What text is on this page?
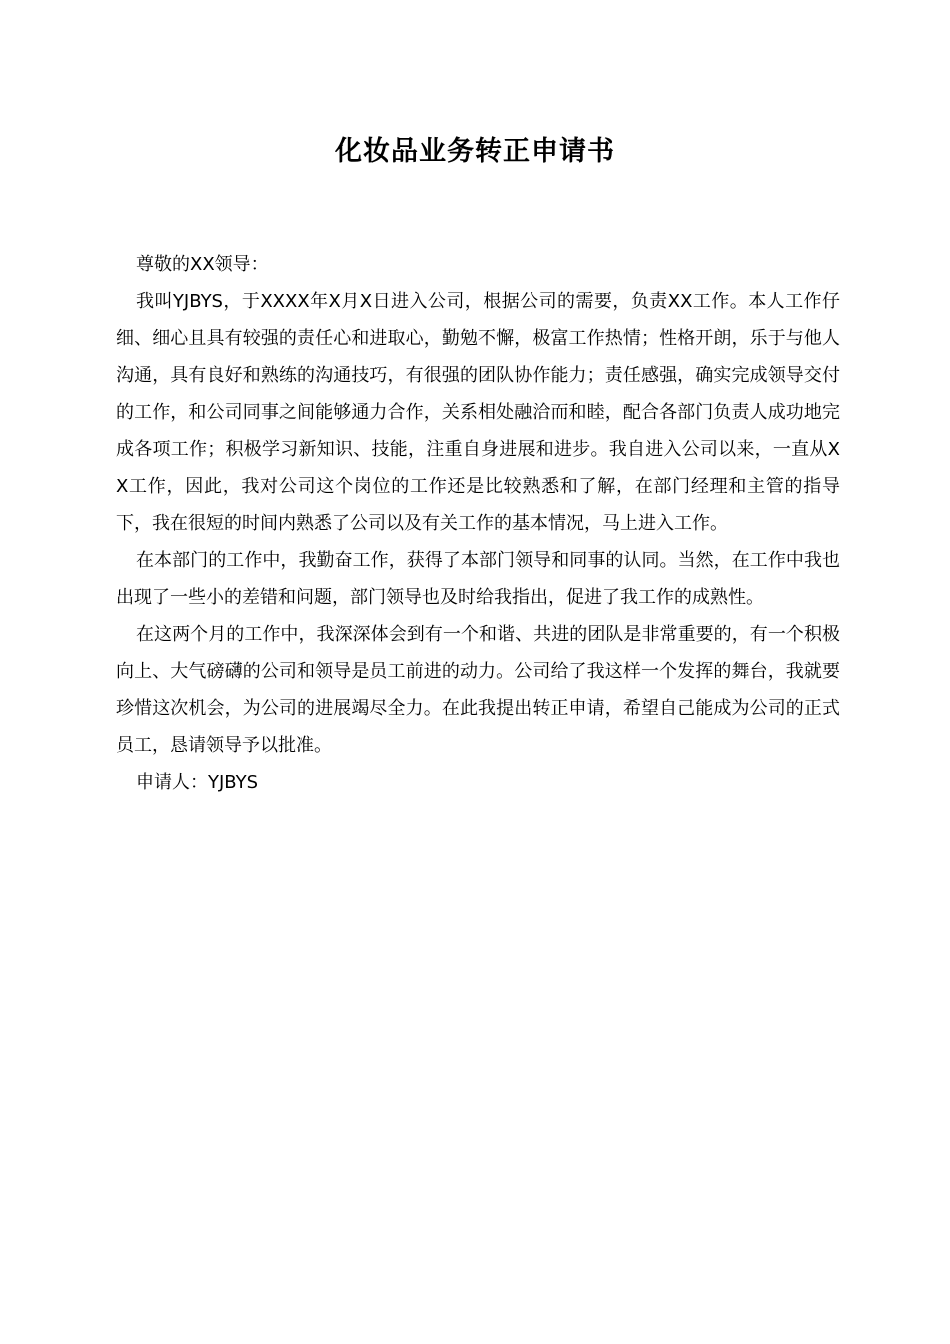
化妆品业务转正申请书

尊敬的XX领导：

我叫YJBYS，于XXXX年X月X日进入公司，根据公司的需要，负责XX工作。本人工作仔细、细心且具有较强的责任心和进取心，勤勉不懈，极富工作热情；性格开朗，乐于与他人沟通，具有良好和熟练的沟通技巧，有很强的团队协作能力；责任感强，确实完成领导交付的工作，和公司同事之间能够通力合作，关系相处融洽而和睦，配合各部门负责人成功地完成各项工作；积极学习新知识、技能，注重自身进展和进步。我自进入公司以来，一直从XX工作，因此，我对公司这个岗位的工作还是比较熟悉和了解，在部门经理和主管的指导下，我在很短的时间内熟悉了公司以及有关工作的基本情况，马上进入工作。

在本部门的工作中，我勤奋工作，获得了本部门领导和同事的认同。当然，在工作中我也出现了一些小的差错和问题，部门领导也及时给我指出，促进了我工作的成熟性。

在这两个月的工作中，我深深体会到有一个和谐、共进的团队是非常重要的，有一个积极向上、大气磅礴的公司和领导是员工前进的动力。公司给了我这样一个发挥的舞台，我就要珍惜这次机会，为公司的进展竭尽全力。在此我提出转正申请，希望自己能成为公司的正式员工，恳请领导予以批准。

申请人：YJBYS
